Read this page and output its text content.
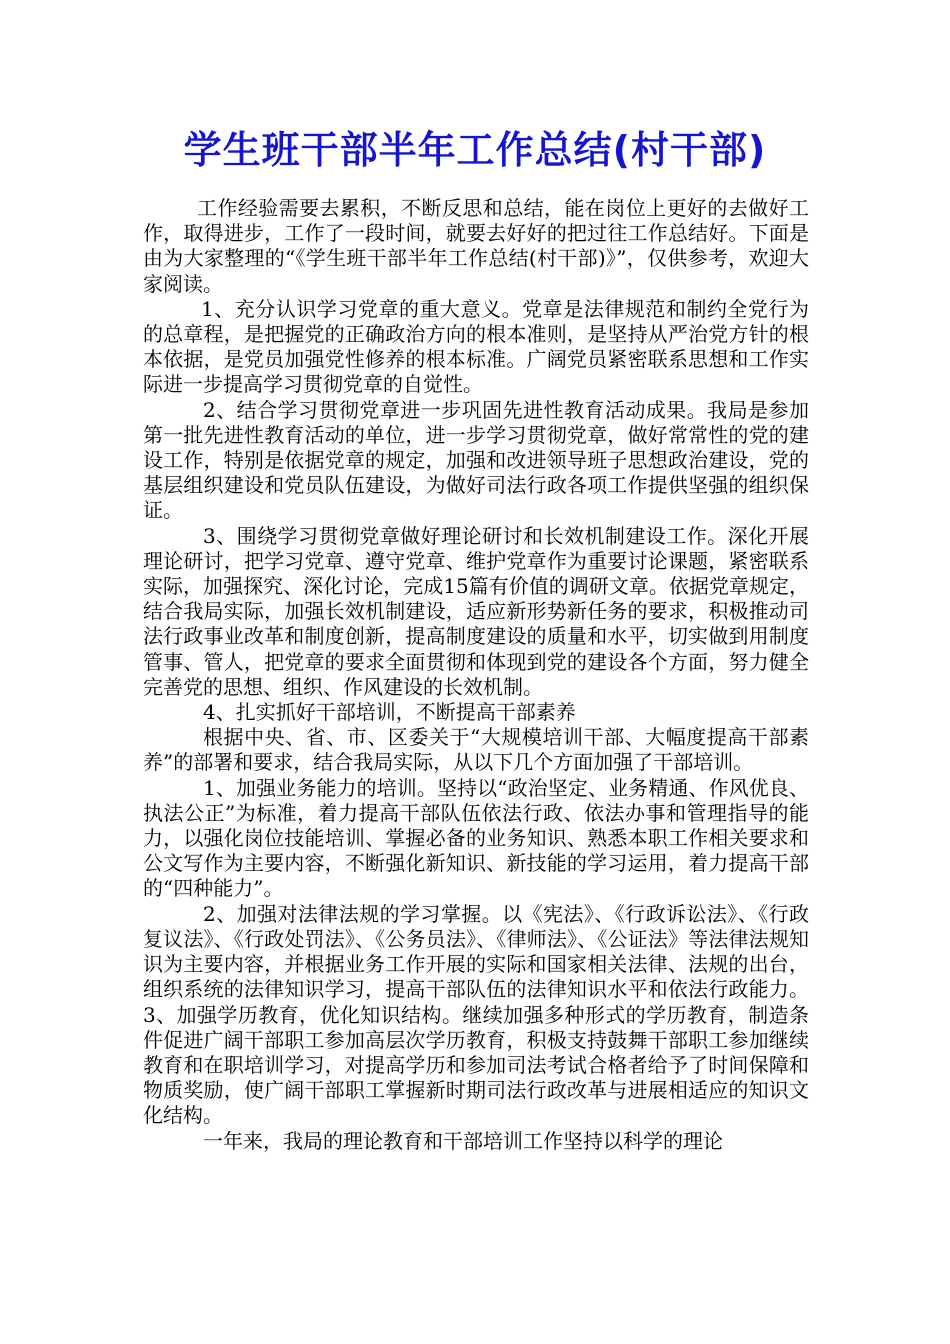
学生班干部半年工作总结(村干部)

工作经验需要去累积，不断反思和总结，能在岗位上更好的去做好工作，取得进步，工作了一段时间，就要去好好的把过往工作总结好。下面是由为大家整理的“《学生班干部半年工作总结(村干部)》”，仅供参考，欢迎大家阅读。

1、充分认识学习党章的重大意义。党章是法律规范和制约全党行为的总章程，是把握党的正确政治方向的根本准则，是坚持从严治党方针的根本依据，是党员加强党性修养的根本标准。广阔党员紧密联系思想和工作实际进一步提高学习贯彻党章的自觉性。

2、结合学习贯彻党章进一步巩固先进性教育活动成果。我局是参加第一批先进性教育活动的单位，进一步学习贯彻党章，做好常常性的党的建设工作，特别是依据党章的规定，加强和改进领导班子思想政治建设，党的基层组织建设和党员队伍建设，为做好司法行政各项工作提供坚强的组织保证。

3、围绕学习贯彻党章做好理论研讨和长效机制建设工作。深化开展理论研讨，把学习党章、遵守党章、维护党章作为重要讨论课题，紧密联系实际，加强探究、深化讨论，完成15篇有价值的调研文章。依据党章规定，结合我局实际，加强长效机制建设，适应新形势新任务的要求，积极推动司法行政事业改革和制度创新，提高制度建设的质量和水平，切实做到用制度管事、管人，把党章的要求全面贯彻和体现到党的建设各个方面，努力健全完善党的思想、组织、作风建设的长效机制。

4、扎实抓好干部培训，不断提高干部素养

根据中央、省、市、区委关于“大规模培训干部、大幅度提高干部素养”的部署和要求，结合我局实际，从以下几个方面加强了干部培训。

1、加强业务能力的培训。坚持以“政治坚定、业务精通、作风优良、执法公正”为标准，着力提高干部队伍依法行政、依法办事和管理指导的能力，以强化岗位技能培训、掌握必备的业务知识、熟悉本职工作相关要求和公文写作为主要内容，不断强化新知识、新技能的学习运用，着力提高干部的“四种能力”。

2、加强对法律法规的学习掌握。以《宪法》、《行政诉讼法》、《行政复议法》、《行政处罚法》、《公务员法》、《律师法》、《公证法》等法律法规知识为主要内容，并根据业务工作开展的实际和国家相关法律、法规的出台，组织系统的法律知识学习，提高干部队伍的法律知识水平和依法行政能力。 3、加强学历教育，优化知识结构。继续加强多种形式的学历教育，制造条件促进广阔干部职工参加高层次学历教育，积极支持鼓舞干部职工参加继续教育和在职培训学习，对提高学历和参加司法考试合格者给予了时间保障和物质奖励，使广阔干部职工掌握新时期司法行政改革与进展相适应的知识文化结构。

一年来，我局的理论教育和干部培训工作坚持以科学的理论
